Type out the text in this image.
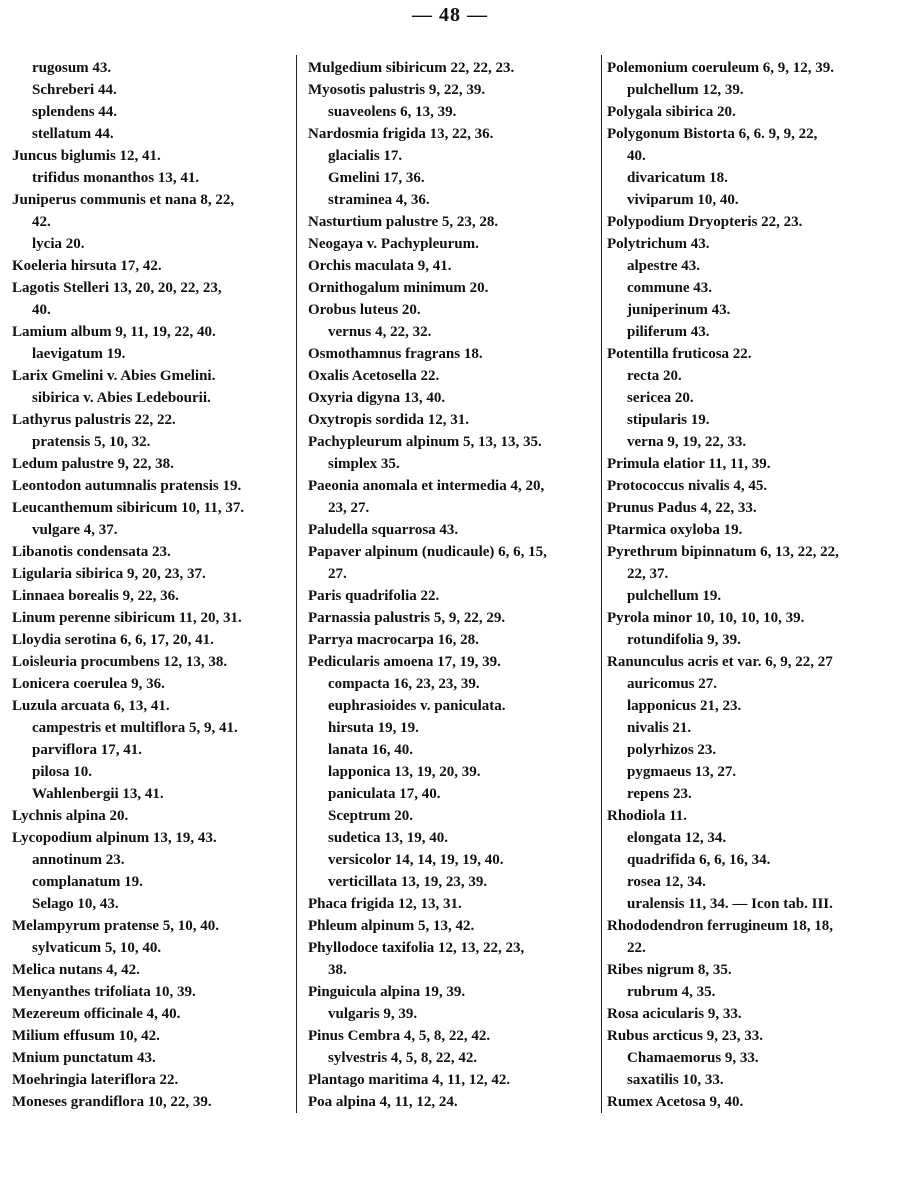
— 48 —
rugosum 43.
Schreberi 44.
splendens 44.
stellatum 44.
Juncus biglumis 12, 41.
trifidus monanthos 13, 41.
Juniperus communis et nana 8, 22,
42.
lycia 20.
Koeleria hirsuta 17, 42.
Lagotis Stelleri 13, 20, 20, 22, 23,
40.
Lamium album 9, 11, 19, 22, 40.
laevigatum 19.
Larix Gmelini v. Abies Gmelini.
sibirica v. Abies Ledebourii.
Lathyrus palustris 22, 22.
pratensis 5, 10, 32.
Ledum palustre 9, 22, 38.
Leontodon autumnalis pratensis 19.
Leucanthemum sibiricum 10, 11, 37.
vulgare 4, 37.
Libanotis condensata 23.
Ligularia sibirica 9, 20, 23, 37.
Linnaea borealis 9, 22, 36.
Linum perenne sibiricum 11, 20, 31.
Lloydia serotina 6, 6, 17, 20, 41.
Loisleuria procumbens 12, 13, 38.
Lonicera coerulea 9, 36.
Luzula arcuata 6, 13, 41.
campestris et multiflora 5, 9, 41.
parviflora 17, 41.
pilosa 10.
Wahlenbergii 13, 41.
Lychnis alpina 20.
Lycopodium alpinum 13, 19, 43.
annotinum 23.
complanatum 19.
Selago 10, 43.
Melampyrum pratense 5, 10, 40.
sylvaticum 5, 10, 40.
Melica nutans 4, 42.
Menyanthes trifoliata 10, 39.
Mezereum officinale 4, 40.
Milium effusum 10, 42.
Mnium punctatum 43.
Moehringia lateriflora 22.
Moneses grandiflora 10, 22, 39.
Mulgedium sibiricum 22, 22, 23.
Myosotis palustris 9, 22, 39.
suaveolens 6, 13, 39.
Nardosmia frigida 13, 22, 36.
glacialis 17.
Gmelini 17, 36.
straminea 4, 36.
Nasturtium palustre 5, 23, 28.
Neogaya v. Pachypleurum.
Orchis maculata 9, 41.
Ornithogalum minimum 20.
Orobus luteus 20.
vernus 4, 22, 32.
Osmothamnus fragrans 18.
Oxalis Acetosella 22.
Oxyria digyna 13, 40.
Oxytropis sordida 12, 31.
Pachypleurum alpinum 5, 13, 13, 35.
simplex 35.
Paeonia anomala et intermedia 4, 20,
23, 27.
Paludella squarrosa 43.
Papaver alpinum (nudicaule) 6, 6, 15,
27.
Paris quadrifolia 22.
Parnassia palustris 5, 9, 22, 29.
Parrya macrocarpa 16, 28.
Pedicularis amoena 17, 19, 39.
compacta 16, 23, 23, 39.
euphrasioides v. paniculata.
hirsuta 19, 19.
lanata 16, 40.
lapponica 13, 19, 20, 39.
paniculata 17, 40.
Sceptrum 20.
sudetica 13, 19, 40.
versicolor 14, 14, 19, 19, 40.
verticillata 13, 19, 23, 39.
Phaca frigida 12, 13, 31.
Phleum alpinum 5, 13, 42.
Phyllodoce taxifolia 12, 13, 22, 23,
38.
Pinguicula alpina 19, 39.
vulgaris 9, 39.
Pinus Cembra 4, 5, 8, 22, 42.
sylvestris 4, 5, 8, 22, 42.
Plantago maritima 4, 11, 12, 42.
Poa alpina 4, 11, 12, 24.
Polemonium coeruleum 6, 9, 12, 39.
pulchellum 12, 39.
Polygala sibirica 20.
Polygonum Bistorta 6, 6. 9, 9, 22,
40.
divaricatum 18.
viviparum 10, 40.
Polypodium Dryopteris 22, 23.
Polytrichum 43.
alpestre 43.
commune 43.
juniperinum 43.
piliferum 43.
Potentilla fruticosa 22.
recta 20.
sericea 20.
stipularis 19.
verna 9, 19, 22, 33.
Primula elatior 11, 11, 39.
Protococcus nivalis 4, 45.
Prunus Padus 4, 22, 33.
Ptarmica oxyloba 19.
Pyrethrum bipinnatum 6, 13, 22, 22,
22, 37.
pulchellum 19.
Pyrola minor 10, 10, 10, 10, 39.
rotundifolia 9, 39.
Ranunculus acris et var. 6, 9, 22, 27
auricomus 27.
lapponicus 21, 23.
nivalis 21.
polyrhizos 23.
pygmaeus 13, 27.
repens 23.
Rhodiola 11.
elongata 12, 34.
quadrifida 6, 6, 16, 34.
rosea 12, 34.
uralensis 11, 34. — Icon tab. III.
Rhododendron ferrugineum 18, 18,
22.
Ribes nigrum 8, 35.
rubrum 4, 35.
Rosa acicularis 9, 33.
Rubus arcticus 9, 23, 33.
Chamaemorus 9, 33.
saxatilis 10, 33.
Rumex Acetosa 9, 40.
